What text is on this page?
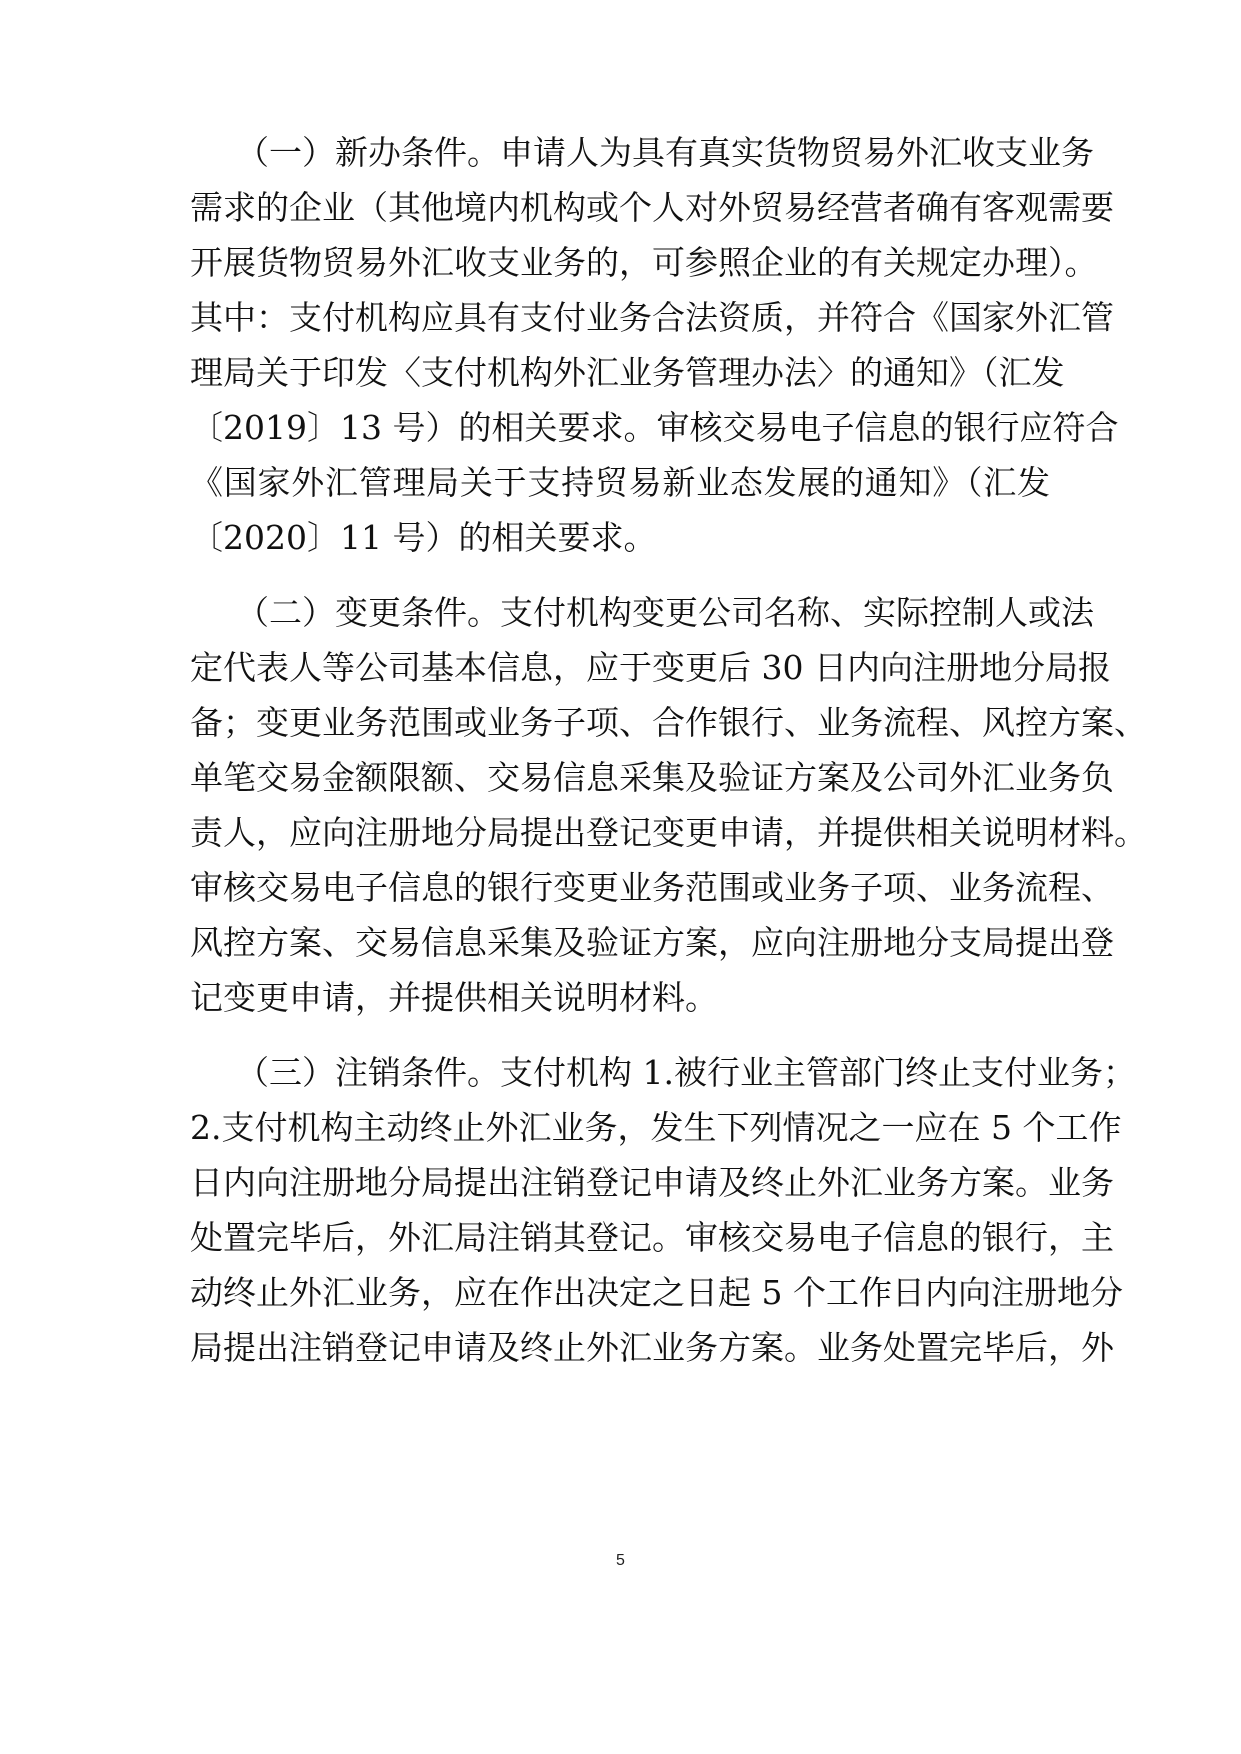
（一）新办条件。申请人为具有真实货物贸易外汇收支业务
需求的企业（其他境内机构或个人对外贸易经营者确有客观需要
开展货物贸易外汇收支业务的，可参照企业的有关规定办理）。
其中：支付机构应具有支付业务合法资质，并符合《国家外汇管
理局关于印发〈支付机构外汇业务管理办法〉的通知》（汇发
〔2019〕13 号）的相关要求。审核交易电子信息的银行应符合
《国家外汇管理局关于支持贸易新业态发展的通知》（汇发
〔2020〕11 号）的相关要求。
（二）变更条件。支付机构变更公司名称、实际控制人或法
定代表人等公司基本信息，应于变更后 30 日内向注册地分局报
备；变更业务范围或业务子项、合作银行、业务流程、风控方案、
单笔交易金额限额、交易信息采集及验证方案及公司外汇业务负
责人，应向注册地分局提出登记变更申请，并提供相关说明材料。
审核交易电子信息的银行变更业务范围或业务子项、业务流程、
风控方案、交易信息采集及验证方案，应向注册地分支局提出登
记变更申请，并提供相关说明材料。
（三）注销条件。支付机构 1.被行业主管部门终止支付业务；
2.支付机构主动终止外汇业务，发生下列情况之一应在 5 个工作
日内向注册地分局提出注销登记申请及终止外汇业务方案。业务
处置完毕后，外汇局注销其登记。审核交易电子信息的银行，主
动终止外汇业务，应在作出决定之日起 5 个工作日内向注册地分
局提出注销登记申请及终止外汇业务方案。业务处置完毕后，外
5
